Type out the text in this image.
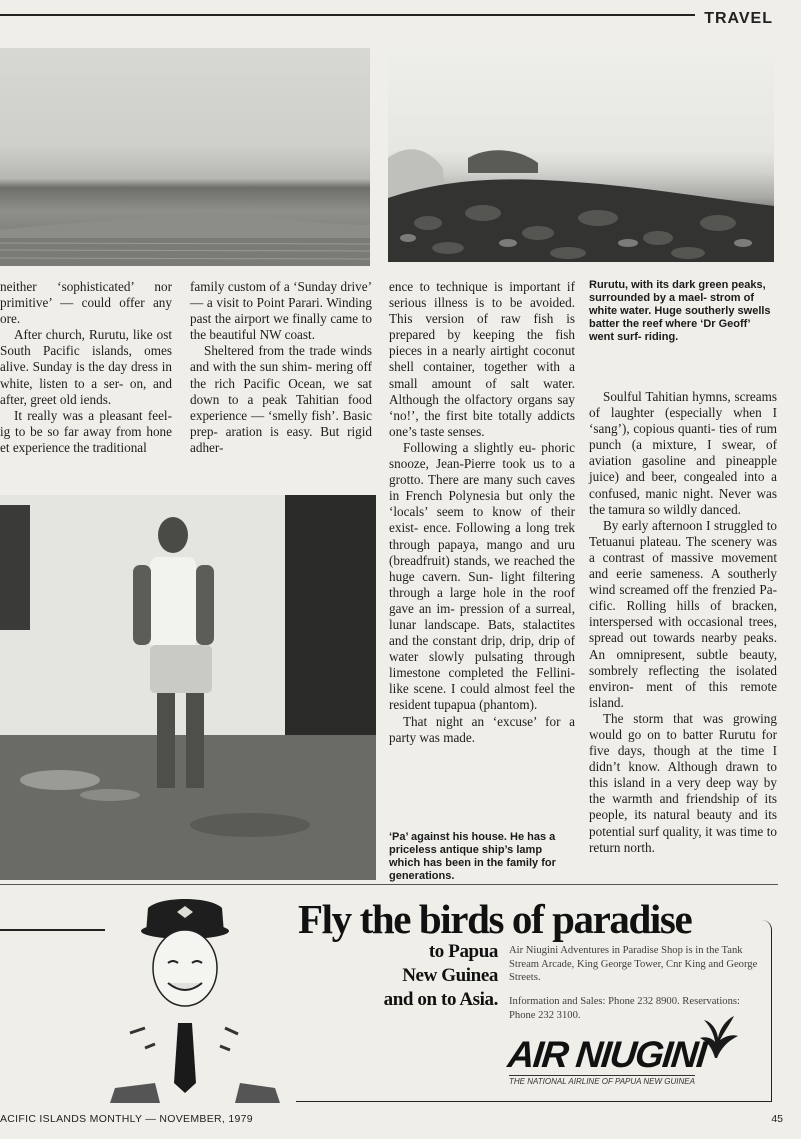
TRAVEL

neither ‘sophisticated’ nor primitive’ — could offer any ore.

After church, Rurutu, like ost South Pacific islands, omes alive. Sunday is the day dress in white, listen to a ser- on, and after, greet old iends.

It really was a pleasant feel- ig to be so far away from hone et experience the traditional

family custom of a ‘Sunday drive’ — a visit to Point Parari. Winding past the airport we finally came to the beautiful NW coast.

Sheltered from the trade winds and with the sun shim- mering off the rich Pacific Ocean, we sat down to a peak Tahitian food experience — ‘smelly fish’. Basic prep- aration is easy. But rigid adher-

ence to technique is important if serious illness is to be avoided. This version of raw fish is prepared by keeping the fish pieces in a nearly airtight coconut shell container, together with a small amount of salt water. Although the olfactory organs say ‘no!’, the first bite totally addicts one’s taste senses.

Following a slightly eu- phoric snooze, Jean-Pierre took us to a grotto. There are many such caves in French Polynesia but only the ‘locals’ seem to know of their exist- ence. Following a long trek through papaya, mango and uru (breadfruit) stands, we reached the huge cavern. Sun- light filtering through a large hole in the roof gave an im- pression of a surreal, lunar landscape. Bats, stalactites and the constant drip, drip, drip of water slowly pulsating through limestone completed the Fellini-like scene. I could almost feel the resident tupapua (phantom).

That night an ‘excuse’ for a party was made.

Soulful Tahitian hymns, screams of laughter (especially when I ‘sang’), copious quanti- ties of rum punch (a mixture, I swear, of aviation gasoline and pineapple juice) and beer, congealed into a confused, manic night. Never was the tamura so wildly danced.

By early afternoon I struggled to Tetuanui plateau. The scenery was a contrast of massive movement and eerie sameness. A southerly wind screamed off the frenzied Pa- cific. Rolling hills of bracken, interspersed with occasional trees, spread out towards nearby peaks. An omnipresent, subtle beauty, sombrely reflecting the isolated environ- ment of this remote island.

The storm that was growing would go on to batter Rurutu for five days, though at the time I didn’t know. Although drawn to this island in a very deep way by the warmth and friendship of its people, its natural beauty and its potential surf quality, it was time to return north.

Rurutu, with its dark green peaks, surrounded by a mael- strom of white water. Huge southerly swells batter the reef where ‘Dr Geoff’ went surf- riding.
‘Pa’ against his house. He has a priceless antique ship’s lamp which has been in the family for generations.
Fly the birds of paradise
to Papua
New Guinea
and on to Asia.
Air Niugini Adventures in Paradise Shop is in the Tank Stream Arcade, King George Tower, Cnr King and George Streets.
Information and Sales: Phone 232 8900. Reservations: Phone 232 3100.
AIR NIUGINI
THE NATIONAL AIRLINE OF PAPUA NEW GUINEA
ACIFIC ISLANDS MONTHLY — NOVEMBER, 1979	45
